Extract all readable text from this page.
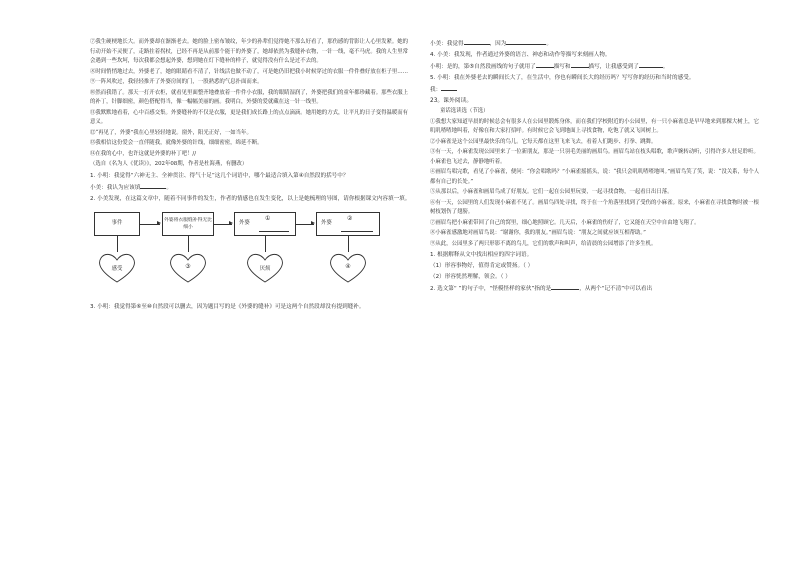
⑦我生硬梗地长大。而外婆却在渐渐老去。她的脸上密布皱纹，年少的孙辈们觉得她不那么好看了，那伤感的背影让人心里发紧。她的行动开始不灵便了，走路拄着拐杖，已经不再是从前那个能干的外婆了，她却依然为我缝补衣物，一针一线，毫不马虎。我的人生里常会遇到一些坎坷，每次我都会想起外婆，想到她在灯下缝补的样子，就觉得没有什么是过不去的。

⑧时间悄悄地过去，外婆老了，她的眼睛看不清了，针线活也做不动了，可是她仍旧把我小时候穿过的衣服一件件叠好放在柜子里……

⑨一阵风吹过，我轻轻推开了外婆房间的门，一股熟悉的气息扑面而来。

⑩然而我错了。那天一打开衣柜，就看见里面整齐地叠放着一件件小衣服，我的眼睛湿润了，外婆把我们的童年都珍藏着。那些衣服上的补丁，针脚细密，颜色搭配得当，像一幅幅美丽的画。我明白，外婆的爱就藏在这一针一线里。

⑪我默默地看着，心中百感交集。外婆缝补的不仅是衣服，更是我们成长路上的点点滴滴。她用她的方式，让平凡的日子变得温暖而有意义。

⑫“再见了，外婆”我在心里轻轻地说。窗外，阳光正好，一如当年。

⑬我相信这份爱会一直伴随我，就像外婆的针线，细细密密，绵延不断。

⑭在我的心中，也许这就是外婆的补丁吧！//

（选自《名为人《优读》》，202年08期，作者是杜海燕，有删改）

1. 小明：我觉得“六神无主、全神贯注、得气十足”这几个词语中，哪个最适合填入第④自然段的括号中？

小美：我认为应该填	。

2. 小美发现，在这篇文章中，随着不同事件的发生，作者的情感也在发生变化，以上是她梳理的导图，请你根据课文内容填一填。

事件	外婆将衣服缝补得无比细小
外婆
①
外婆
②
感受	③	厌烦	④

3. 小明：我觉得第⑥至⑩自然段可以删去，因为题目写的是《外婆的缝补》可是这两个自然段却没有提到缝补。

小美：我觉得	，因为	。

4. 小美：我发现，作者通过外婆的语言、神态和动作等描写来刻画人物。

小明：是的，第⑤自然段画线的句子就用了	描写和	描写，让我感受到了	。

5. 小明：我在外婆老去的瞬间长大了，在生活中，你也有瞬间长大的经历吗？写写你的经历和当时的感受。

我：

23。课外阅读。

童话选读选（节选）

①我想大家知道早晨的时候总会有很多人在公园里锻炼身体，而在我们学校附近的小公园里，有一只小麻雀总是早早地来到那棵大树上，它叽叽喳喳地叫着，好像在和大家打招呼。有时候它会飞到地面上寻找食物，吃饱了就又飞回树上。

②小麻雀是这个公园里最快乐的鸟儿。它每天都在这里飞来飞去，看着人们跑步、打拳、跳舞。

③有一天，小麻雀发现公园里来了一位新朋友，那是一只羽毛美丽的画眉鸟。画眉鸟站在枝头唱歌，歌声婉转动听，引得许多人驻足聆听。小麻雀也飞过去，静静地听着。

④画眉鸟唱完歌，看见了小麻雀，便问：“你会唱歌吗？”小麻雀摇摇头，说：“我只会叽叽喳喳地叫。”画眉鸟笑了笑，说：“没关系，每个人都有自己的长处。”

⑤从那以后，小麻雀和画眉鸟成了好朋友。它们一起在公园里玩耍，一起寻找食物，一起看日出日落。

⑥有一天，公园里的人们发现小麻雀不见了。画眉鸟四处寻找，终于在一个角落里找到了受伤的小麻雀。原来，小麻雀在寻找食物时被一根树枝划伤了翅膀。

⑦画眉鸟把小麻雀带回了自己的窝里，细心地照顾它。几天后，小麻雀的伤好了，它又能在天空中自由地飞翔了。

⑧小麻雀感激地对画眉鸟说：“谢谢你，我的朋友。”画眉鸟说：“朋友之间就应该互相帮助。”

⑨从此，公园里多了两只形影不离的鸟儿，它们的歌声和叫声，给清晨的公园增添了许多生机。

1. 根据解释从文中找出相应的四字词语。

（1）形容事物好，值得肯定或赞扬。（ ）

（2）形容恍然理解，领会。（ ）

2. 选文第“ ”的句子中，“怪模怪样的家伙”指的是	，从两个“记不清”中可以看出
